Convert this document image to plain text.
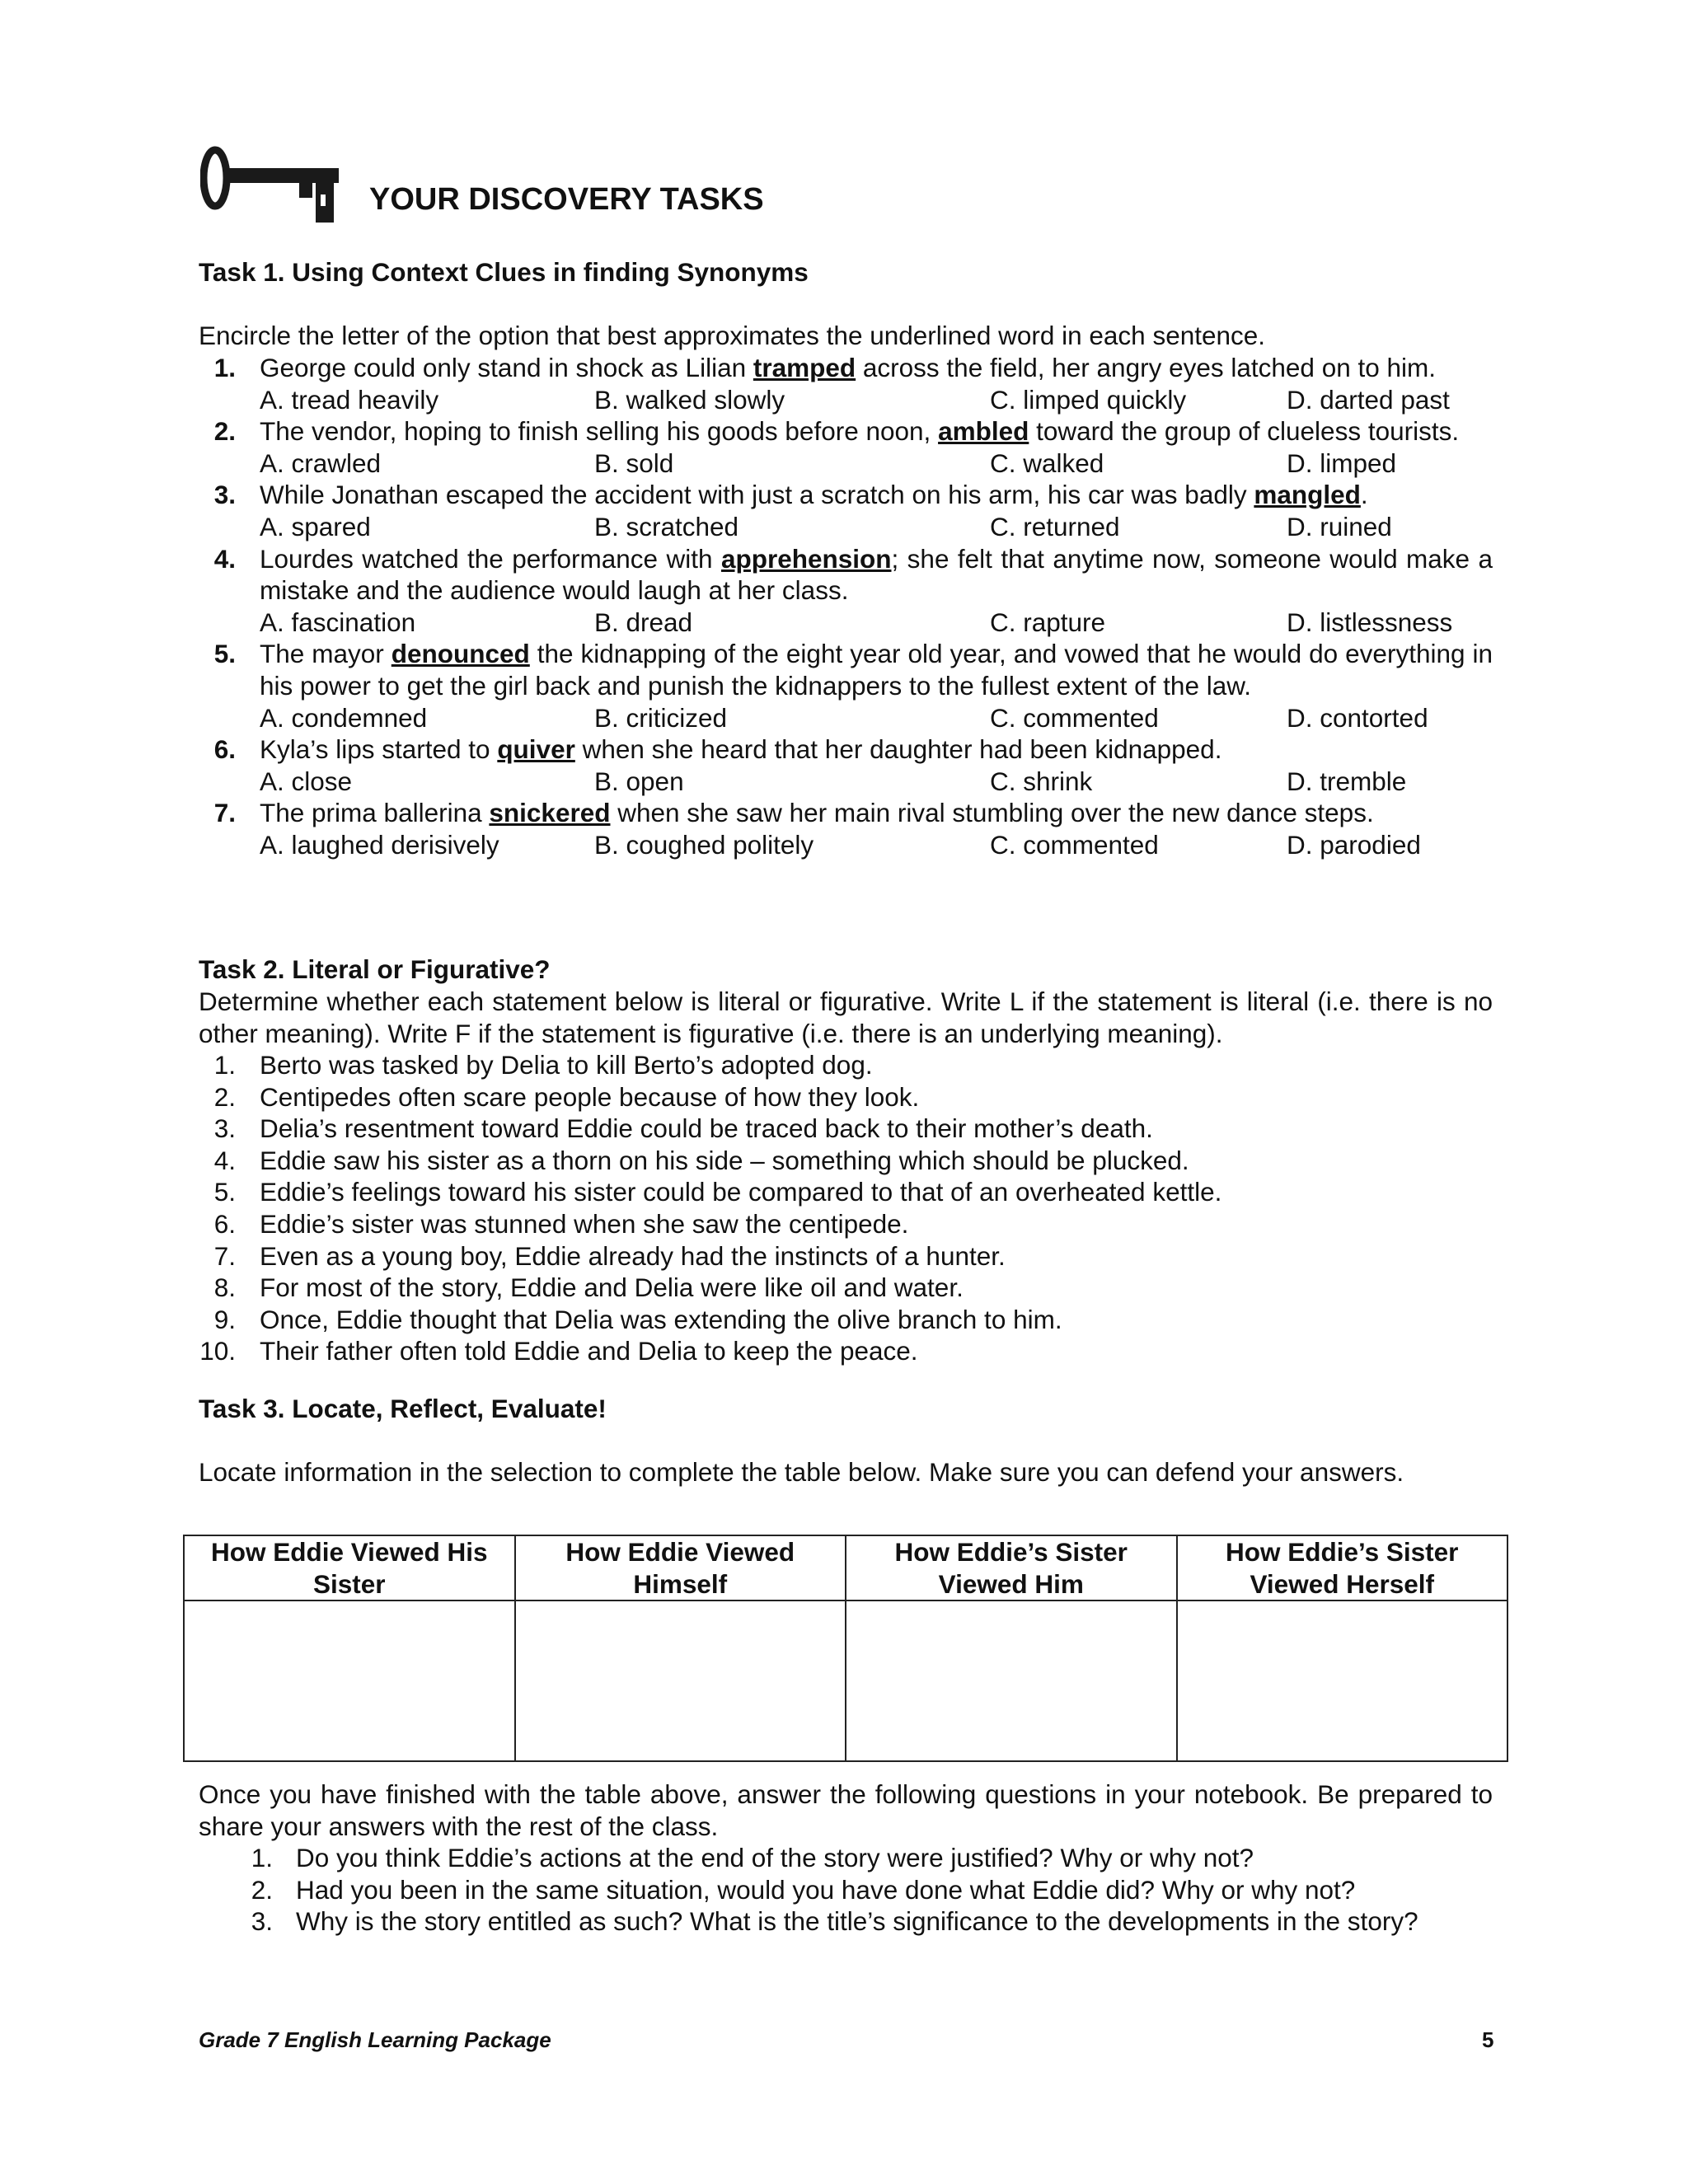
YOUR DISCOVERY TASKS
Task 1. Using Context Clues in finding Synonyms
Encircle the letter of the option that best approximates the underlined word in each sentence.
1. George could only stand in shock as Lilian tramped across the field, her angry eyes latched on to him.
A. tread heavily	B. walked slowly	C. limped quickly	D. darted past
2. The vendor, hoping to finish selling his goods before noon, ambled toward the group of clueless tourists.
A. crawled	B. sold	C. walked	D. limped
3. While Jonathan escaped the accident with just a scratch on his arm, his car was badly mangled.
A. spared	B. scratched	C. returned	D. ruined
4. Lourdes watched the performance with apprehension; she felt that anytime now, someone would make a mistake and the audience would laugh at her class.
A. fascination	B. dread	C. rapture	D. listlessness
5. The mayor denounced the kidnapping of the eight year old year, and vowed that he would do everything in his power to get the girl back and punish the kidnappers to the fullest extent of the law.
A. condemned	B. criticized	C. commented	D. contorted
6. Kyla’s lips started to quiver when she heard that her daughter had been kidnapped.
A. close	B. open	C. shrink	D. tremble
7. The prima ballerina snickered when she saw her main rival stumbling over the new dance steps.
A. laughed derisively	B. coughed politely	C. commented	D. parodied
Task 2. Literal or Figurative?
Determine whether each statement below is literal or figurative. Write L if the statement is literal (i.e. there is no other meaning). Write F if the statement is figurative (i.e. there is an underlying meaning).
1. Berto was tasked by Delia to kill Berto’s adopted dog.
2. Centipedes often scare people because of how they look.
3. Delia’s resentment toward Eddie could be traced back to their mother’s death.
4. Eddie saw his sister as a thorn on his side – something which should be plucked.
5. Eddie’s feelings toward his sister could be compared to that of an overheated kettle.
6. Eddie’s sister was stunned when she saw the centipede.
7. Even as a young boy, Eddie already had the instincts of a hunter.
8. For most of the story, Eddie and Delia were like oil and water.
9. Once, Eddie thought that Delia was extending the olive branch to him.
10. Their father often told Eddie and Delia to keep the peace.
Task 3. Locate, Reflect, Evaluate!
Locate information in the selection to complete the table below. Make sure you can defend your answers.
Once you have finished with the table above, answer the following questions in your notebook. Be prepared to share your answers with the rest of the class.
1. Do you think Eddie’s actions at the end of the story were justified? Why or why not?
2. Had you been in the same situation, would you have done what Eddie did? Why or why not?
3. Why is the story entitled as such? What is the title’s significance to the developments in the story?
How Eddie Viewed His Sister	How Eddie Viewed Himself	How Eddie’s Sister Viewed Him	How Eddie’s Sister Viewed Herself

Grade 7 English Learning Package	5
